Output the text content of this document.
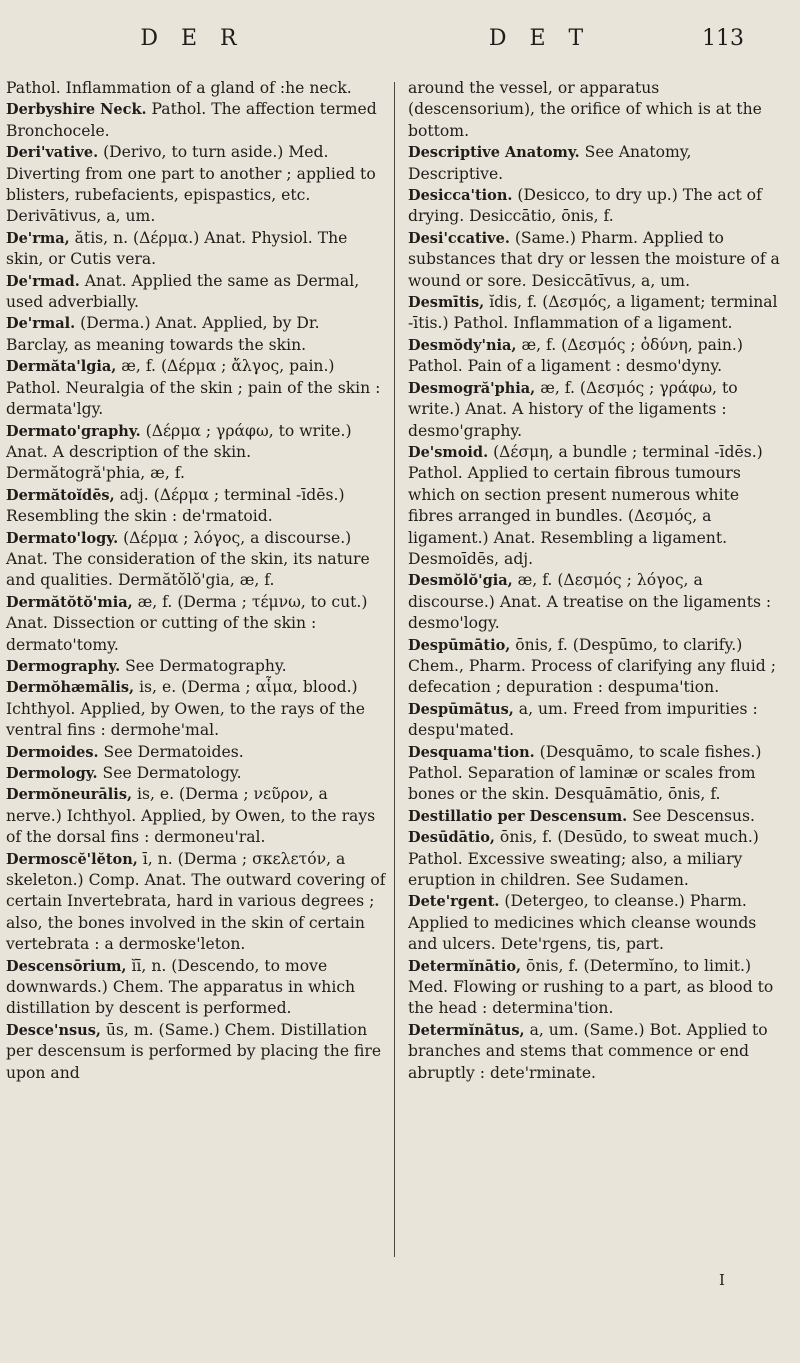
D E R	D E T	113

Pathol. Inflammation of a gland of :he neck.

Derbyshire Neck. Pathol. The affection termed Bronchocele.

Deri'vative. (Derivo, to turn aside.) Med. Diverting from one part to another ; applied to blisters, rubefacients, epispastics, etc. Derivātivus, a, um.

De'rma, ătis, n. (Δέρμα.) Anat. Physiol. The skin, or Cutis vera.

De'rmad. Anat. Applied the same as Dermal, used adverbially.

De'rmal. (Derma.) Anat. Applied, by Dr. Barclay, as meaning towards the skin.

Dermăta'lgia, æ, f. (Δέρμα ; ἄλγος, pain.) Pathol. Neuralgia of the skin ; pain of the skin : dermata'lgy.

Dermato'graphy. (Δέρμα ; γράφω, to write.) Anat. A description of the skin. Dermătogră'phia, æ, f.

Dermătoĭdēs, adj. (Δέρμα ; terminal -īdēs.) Resembling the skin : de'rmatoid.

Dermato'logy. (Δέρμα ; λόγος, a discourse.) Anat. The consideration of the skin, its nature and qualities. Dermătŏlŏ'gia, æ, f.

Dermătŏtŏ'mia, æ, f. (Derma ; τέμνω, to cut.) Anat. Dissection or cutting of the skin : dermato'tomy.

Dermography. See Dermatography.

Dermŏhæmālis, is, e. (Derma ; αἷμα, blood.) Ichthyol. Applied, by Owen, to the rays of the ventral fins : dermohe'mal.

Dermoides. See Dermatoides.

Dermology. See Dermatology.

Dermŏneurālis, is, e. (Derma ; νεῦρον, a nerve.) Ichthyol. Applied, by Owen, to the rays of the dorsal fins : dermoneu'ral.

Dermoscĕ'lĕton, ī, n. (Derma ; σκελετόν, a skeleton.) Comp. Anat. The outward covering of certain Invertebrata, hard in various degrees ; also, the bones involved in the skin of certain vertebrata : a dermoske'leton.

Descensōrium, ĭī, n. (Descendo, to move downwards.) Chem. The apparatus in which distillation by descent is performed.

Desce'nsus, ūs, m. (Same.) Chem. Distillation per descensum is performed by placing the fire upon and

around the vessel, or apparatus (descensorium), the orifice of which is at the bottom.

Descriptive Anatomy. See Anatomy, Descriptive.

Desicca'tion. (Desicco, to dry up.) The act of drying. Desiccātio, ōnis, f.

Desi'ccative. (Same.) Pharm. Applied to substances that dry or lessen the moisture of a wound or sore. Desiccātīvus, a, um.

Desmītis, ĭdis, f. (Δεσμός, a ligament; terminal -ītis.) Pathol. Inflammation of a ligament.

Desmŏdy'nia, æ, f. (Δεσμός ; ὀδύνη, pain.) Pathol. Pain of a ligament : desmo'dyny.

Desmogră'phia, æ, f. (Δεσμός ; γράφω, to write.) Anat. A history of the ligaments : desmo'graphy.

De'smoid. (Δέσμη, a bundle ; terminal -īdēs.) Pathol. Applied to certain fibrous tumours which on section present numerous white fibres arranged in bundles. (Δεσμός, a ligament.) Anat. Resembling a ligament. Desmoīdēs, adj.

Desmŏlŏ'gia, æ, f. (Δεσμός ; λόγος, a discourse.) Anat. A treatise on the ligaments : desmo'logy.

Despūmātio, ōnis, f. (Despūmo, to clarify.) Chem., Pharm. Process of clarifying any fluid ; defecation ; depuration : despuma'tion.

Despūmātus, a, um. Freed from impurities : despu'mated.

Desquama'tion. (Desquāmo, to scale fishes.) Pathol. Separation of laminæ or scales from bones or the skin. Desquāmātio, ōnis, f.

Destillatio per Descensum. See Descensus.

Desūdātio, ōnis, f. (Desūdo, to sweat much.) Pathol. Excessive sweating; also, a miliary eruption in children. See Sudamen.

Dete'rgent. (Detergeo, to cleanse.) Pharm. Applied to medicines which cleanse wounds and ulcers. Dete'rgens, tis, part.

Determĭnātio, ōnis, f. (Determĭno, to limit.) Med. Flowing or rushing to a part, as blood to the head : determina'tion.

Determĭnātus, a, um. (Same.) Bot. Applied to branches and stems that commence or end abruptly : dete'rminate.

I
